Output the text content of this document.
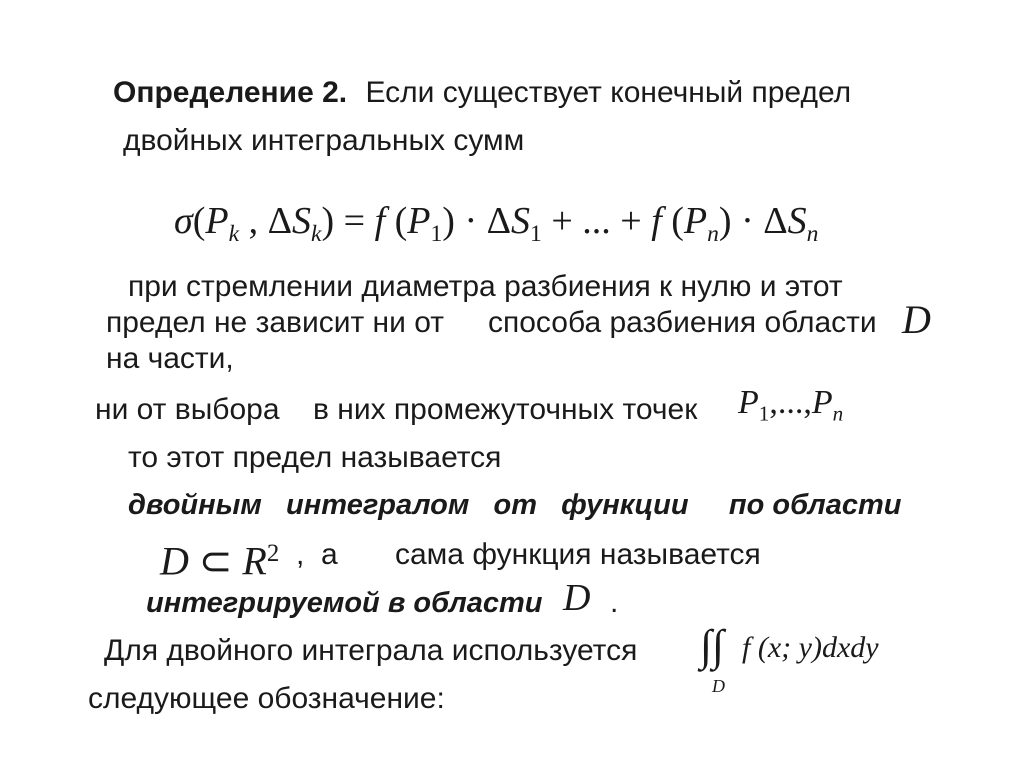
Определение 2. Если существует конечный предел
двойных интегральных сумм
$\sigma(P_k$ , $\Delta S_k) = f$ $(P_1) \cdot \Delta S_1$ + ... + f $(P_n) \cdot \Delta S_n$
при стремлении диаметра разбиения к нулю и этот
предел не зависит ни от способа разбиения области D
на части,
ни от выбора в них промежуточных точек $P_1,...,P_n$
то этот предел называется
двойным   интегралом   от   функции     по области
D ⊂ $R^2$ ,  а сама функция называется
интегрируемой в области D .
Для двойного интеграла используется
следующее обозначение:
∫∫
D
f (x; y)dxdy
